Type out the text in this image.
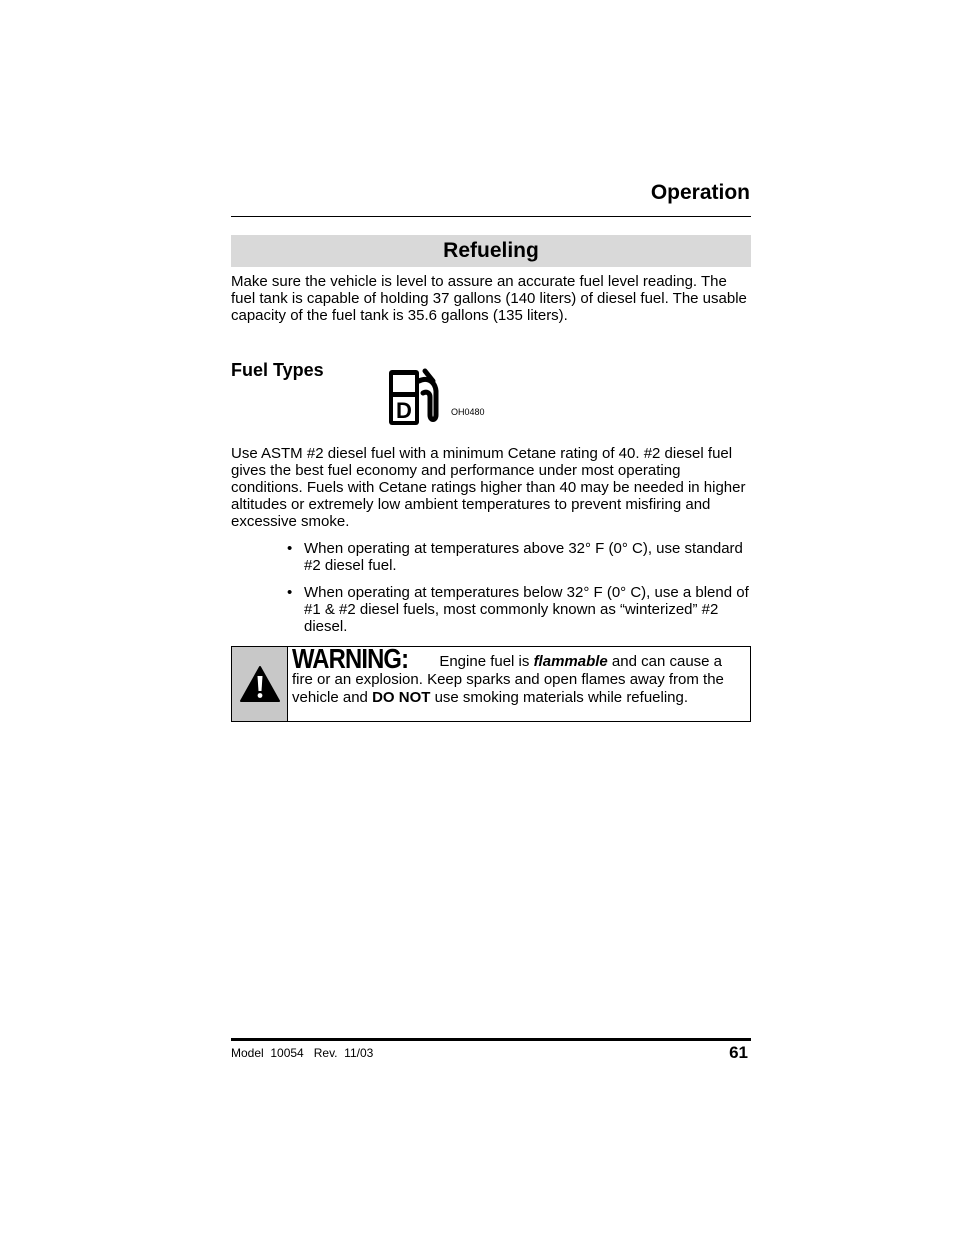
Operation
Refueling

Make sure the vehicle is level to assure an accurate fuel level reading. The fuel tank is capable of holding 37 gallons (140 liters) of diesel fuel. The usable capacity of the fuel tank is 35.6 gallons (135 liters).

Fuel Types
D	OH0480

Use ASTM #2 diesel fuel with a minimum Cetane rating of 40. #2 diesel fuel gives the best fuel economy and performance under most operating conditions. Fuels with Cetane ratings higher than 40 may be needed in higher altitudes or extremely low ambient temperatures to prevent misfiring and excessive smoke.

• When operating at temperatures above 32° F (0° C), use standard #2 diesel fuel.
• When operating at temperatures below 32° F (0° C), use a blend of #1 & #2 diesel fuels, most commonly known as “winterized” #2 diesel.
WARNING: Engine fuel is flammable and can cause a fire or an explosion. Keep sparks and open flames away from the vehicle and DO NOT use smoking materials while refueling.
Model  10054   Rev.  11/03	61
